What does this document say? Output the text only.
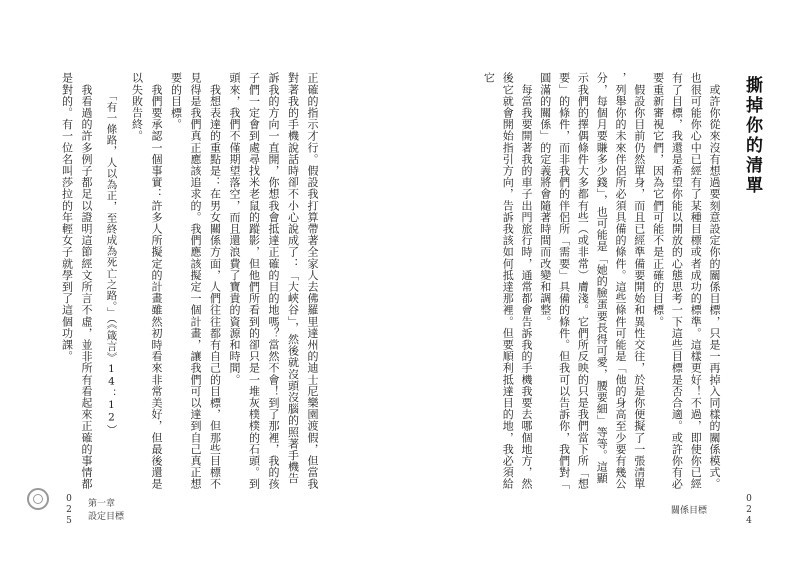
撕掉你的清單
　或許你從來沒有想過要刻意設定你的關係目標，只是一再掉入同樣的關係模式。
也很可能你心中已經有了某種目標或者成功的標準。這樣更好！不過，即使你已經
有了目標，我還是希望你能以開放的心態思考一下這些目標是否合適。或許你有必
要重新審視它們，因為它們可能不是正確的目標。
　假設你目前仍然單身，而且已經準備要開始和異性交往，於是你便擬了一張清單
，列舉你的未來伴侶所必須具備的條件。這些條件可能是「他的身高至少要有幾公
分，每個月要賺多少錢」，也可能是「她的臉蛋要長得可愛，腰要細」等等。這顯
示我們的擇偶條件大多都有些（或非常）膚淺。它們所反映的只是我們當下所「想
要」的條件，而非我們的伴侶所「需要」具備的條件。但我可以告訴你，我們對「
圓滿的關係」的定義將會隨著時間而改變和調整。
　每當我要開著我的車子出門旅行時，通常都會告訴我的手機我要去哪個地方，然
後它就會開始指引方向，告訴我該如何抵達那裡。但要順利抵達目的地，我必須給
它
關係目標
0
2
4
正確的指示才行。假設我打算帶著全家人去佛羅里達州的迪士尼樂園渡假，但當我
對著我的手機說話時卻不小心說成了：「大峽谷」，然後就沒頭沒腦的照著手機告
訴我的方向一直開，你想我會抵達正確的目的地嗎？當然不會！到了那裡，我的孩
子們一定會到處尋找米老鼠的蹤影，但他們所看到的卻只是一堆灰樸樸的石頭。到
頭來，我們不僅期望落空，而且還浪費了寶貴的資源和時間。
　我想表達的重點是：在男女關係方面，人們往往都有自己的目標，但那些目標不
見得是我們真正應該追求的。我們應該擬定一個計畫，讓我們可以達到自己真正想
要的目標。
　我們要承認一個事實：許多人所擬定的計畫雖然初時看來非常美好，但最後還是
以失敗告終。
「有一條路，人以為正，至終成為死亡之路。」（《箴言》14：12）
　我看過的許多例子都足以證明這節經文所言不虛，並非所有看起來正確的事情都
是對的。有一位名叫莎拉的年輕女子就學到了這個功課。
0
2
5
第一章
設定目標
